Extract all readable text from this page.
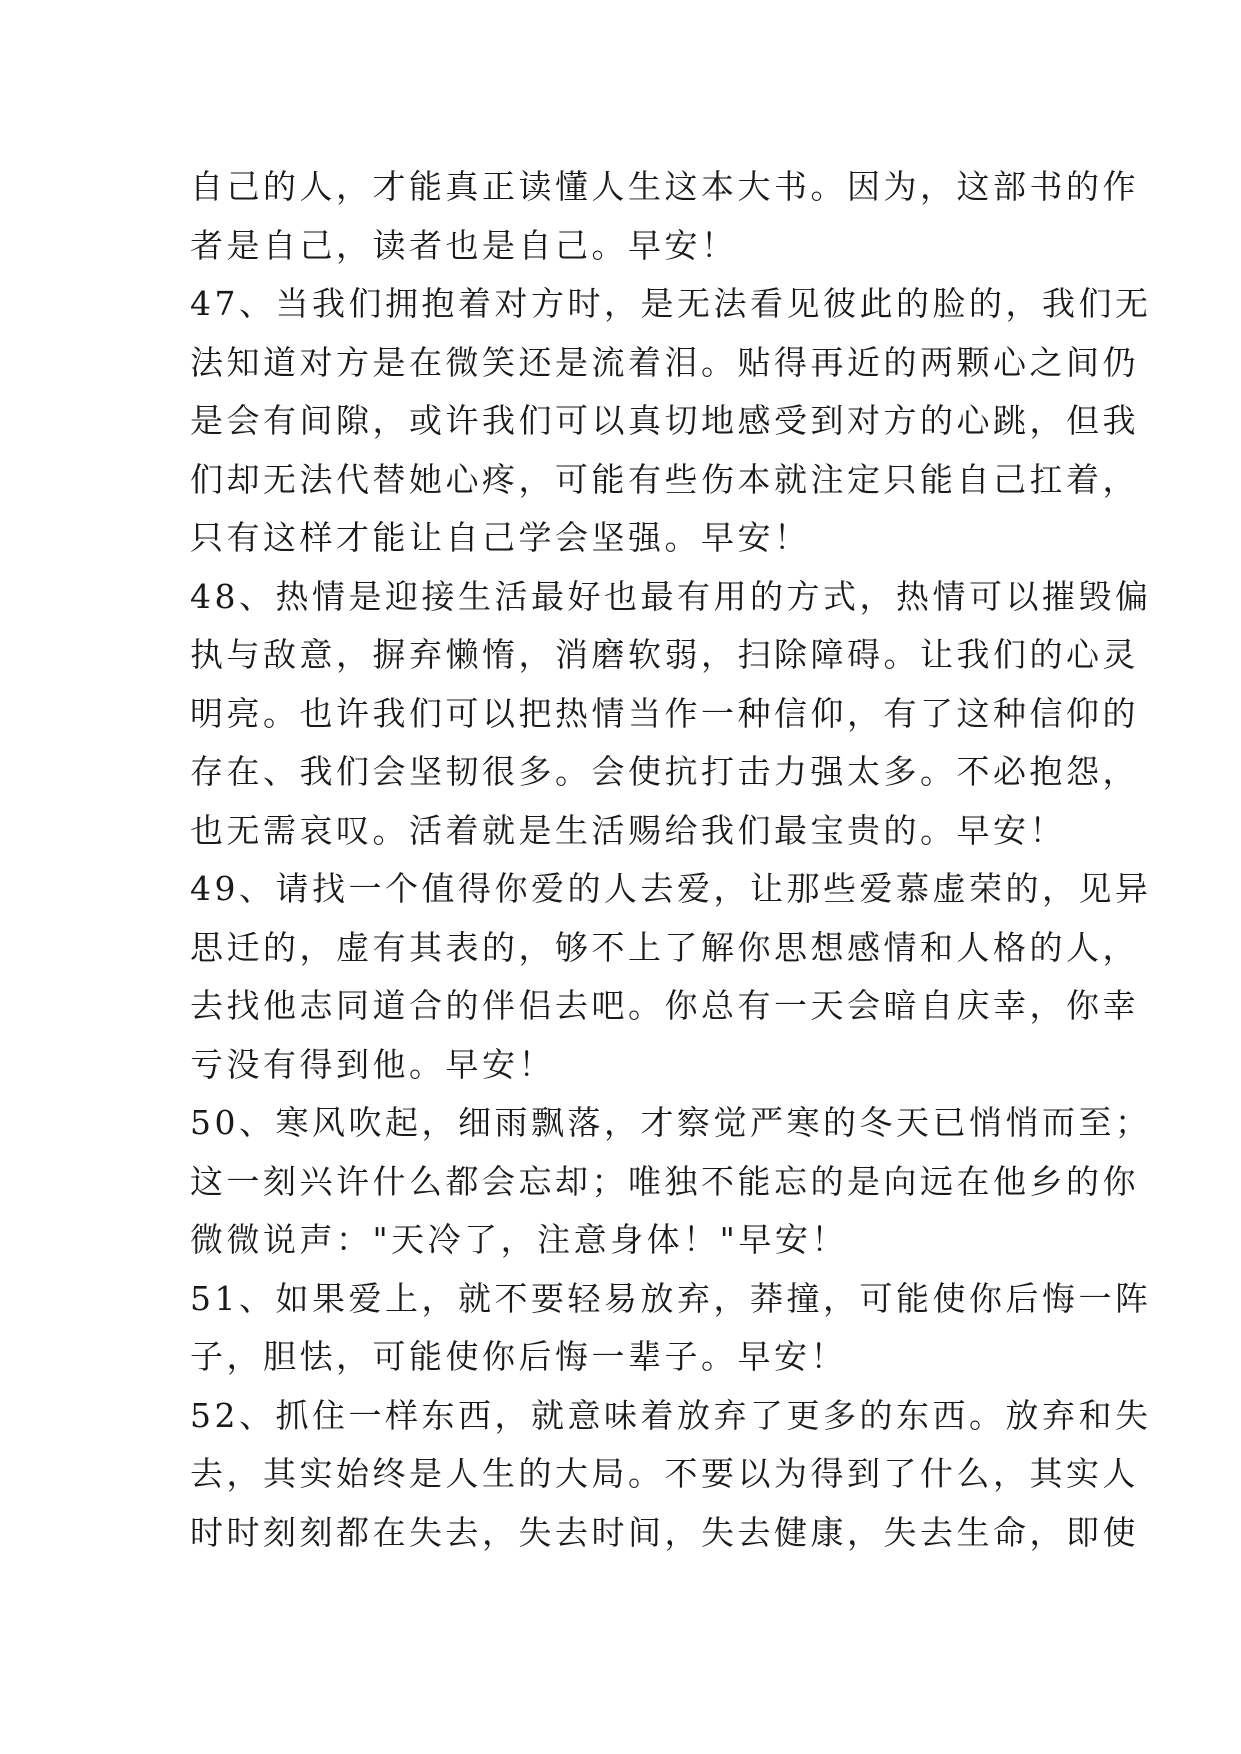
自己的人，才能真正读懂人生这本大书。因为，这部书的作
者是自己，读者也是自己。早安！
47、当我们拥抱着对方时，是无法看见彼此的脸的，我们无
法知道对方是在微笑还是流着泪。贴得再近的两颗心之间仍
是会有间隙，或许我们可以真切地感受到对方的心跳，但我
们却无法代替她心疼，可能有些伤本就注定只能自己扛着，
只有这样才能让自己学会坚强。早安！
48、热情是迎接生活最好也最有用的方式，热情可以摧毁偏
执与敌意，摒弃懒惰，消磨软弱，扫除障碍。让我们的心灵
明亮。也许我们可以把热情当作一种信仰，有了这种信仰的
存在、我们会坚韧很多。会使抗打击力强太多。不必抱怨，
也无需哀叹。活着就是生活赐给我们最宝贵的。早安！
49、请找一个值得你爱的人去爱，让那些爱慕虚荣的，见异
思迁的，虚有其表的，够不上了解你思想感情和人格的人，
去找他志同道合的伴侣去吧。你总有一天会暗自庆幸，你幸
亏没有得到他。早安！
50、寒风吹起，细雨飘落，才察觉严寒的冬天已悄悄而至；
这一刻兴许什么都会忘却；唯独不能忘的是向远在他乡的你
微微说声："天冷了，注意身体！"早安！
51、如果爱上，就不要轻易放弃，莽撞，可能使你后悔一阵
子，胆怯，可能使你后悔一辈子。早安！
52、抓住一样东西，就意味着放弃了更多的东西。放弃和失
去，其实始终是人生的大局。不要以为得到了什么，其实人
时时刻刻都在失去，失去时间，失去健康，失去生命，即使
